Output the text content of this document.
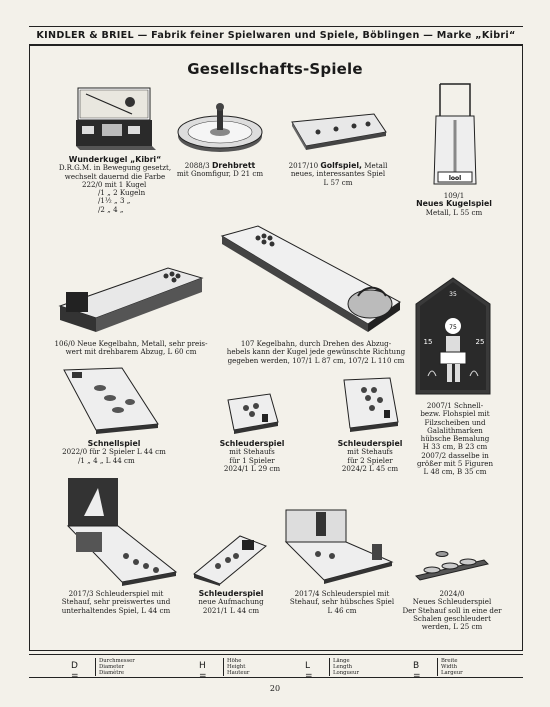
KINDLER & BRIEL — Fabrik feiner Spielwaren und Spiele, Böblingen — Marke „Kibri“
Gesellschafts-Spiele
Wunderkugel „Kibri“
D.R.G.M. in Bewegung gesetzt,
wechselt dauernd die Farbe
222/0 mit 1 Kugel
/1 „ 2 Kugeln
/1½ „ 3 „
/2 „ 4 „
2088/3 Drehbrett
mit Gnomfigur, D 21 cm
2017/10 Golfspiel, Metall
neues, interessantes Spiel
L 57 cm	lool
109/1
Neues Kugelspiel
Metall, L 55 cm
106/0 Neue Kegelbahn, Metall, sehr preis-
wert mit drehbarem Abzug, L 60 cm
107 Kegelbahn, durch Drehen des Abzug-
hebels kann der Kugel jede gewünschte Richtung
gegeben werden, 107/1 L 87 cm, 107/2 L 110 cm
35
15	25
75
2007/1 Schnell-
bezw. Flohspiel mit
Filzscheiben und
Galalithmarken
hübsche Bemalung
H 33 cm, B 23 cm
2007/2 dasselbe in
größer mit 5 Figuren
L 48 cm, B 35 cm
Schnellspiel
2022/0 für 2 Spieler L 44 cm
/1 „ 4 „ L 44 cm
Schleuderspiel
mit Stehaufs
für 1 Spieler
2024/1 L 29 cm
Schleuderspiel
mit Stehaufs
für 2 Spieler
2024/2 L 45 cm
2017/3 Schleuderspiel mit
Stehauf, sehr preiswertes und
unterhaltendes Spiel, L 44 cm
Schleuderspiel
neue Aufmachung
2021/1 L 44 cm
2017/4 Schleuderspiel mit
Stehauf, sehr hübsches Spiel
L 46 cm
2024/0
Neues Schleuderspiel
Der Stehauf soll in eine der
Schalen geschleudert
werden, L 25 cm
D =
Durchmesser
Diameter
Diamètre
H =
Höhe
Height
Hauteur
L =
Länge
Length
Longueur
B =
Breite
Width
Largeur
20
